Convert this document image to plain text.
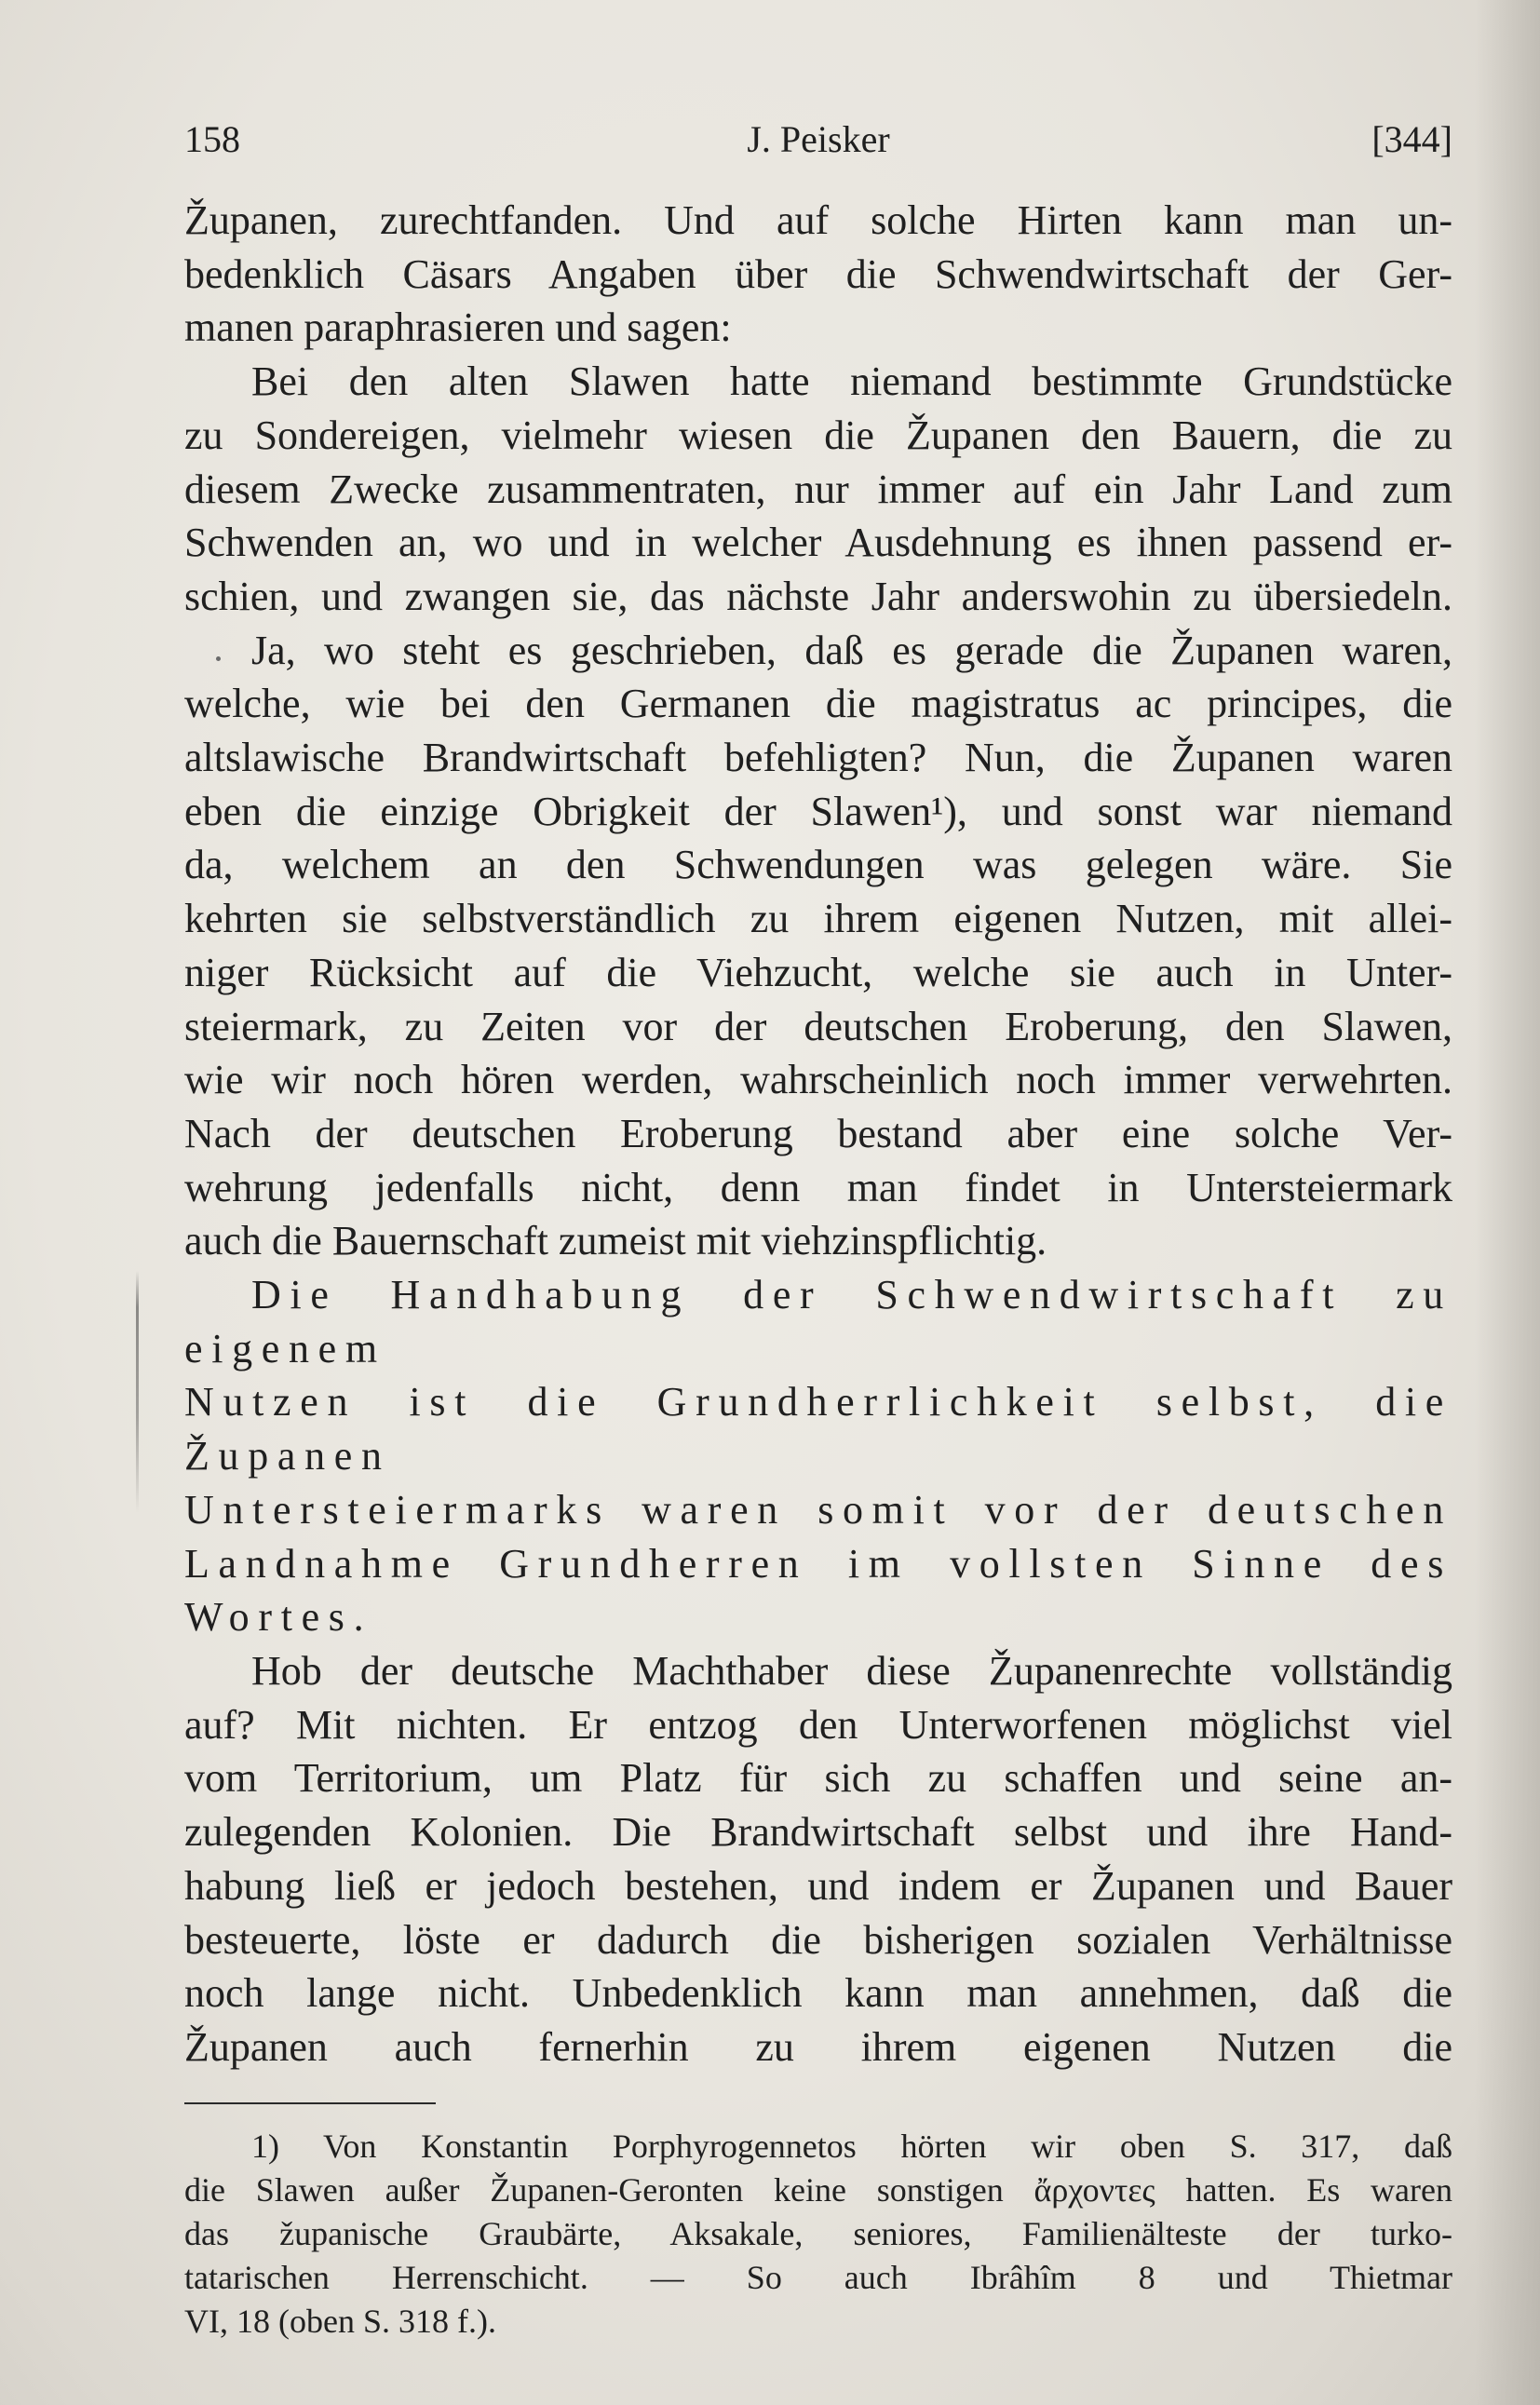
158	J. Peisker	[344]
Županen, zurechtfanden. Und auf solche Hirten kann man un-
bedenklich Cäsars Angaben über die Schwendwirtschaft der Ger-
manen paraphrasieren und sagen:
Bei den alten Slawen hatte niemand bestimmte Grundstücke
zu Sondereigen, vielmehr wiesen die Županen den Bauern, die zu
diesem Zwecke zusammentraten, nur immer auf ein Jahr Land zum
Schwenden an, wo und in welcher Ausdehnung es ihnen passend er-
schien, und zwangen sie, das nächste Jahr anderswohin zu übersiedeln.
Ja, wo steht es geschrieben, daß es gerade die Županen waren,
welche, wie bei den Germanen die magistratus ac principes, die
altslawische Brandwirtschaft befehligten? Nun, die Županen waren
eben die einzige Obrigkeit der Slawen¹), und sonst war niemand
da, welchem an den Schwendungen was gelegen wäre. Sie
kehrten sie selbstverständlich zu ihrem eigenen Nutzen, mit allei-
niger Rücksicht auf die Viehzucht, welche sie auch in Unter-
steiermark, zu Zeiten vor der deutschen Eroberung, den Slawen,
wie wir noch hören werden, wahrscheinlich noch immer verwehrten.
Nach der deutschen Eroberung bestand aber eine solche Ver-
wehrung jedenfalls nicht, denn man findet in Untersteiermark
auch die Bauernschaft zumeist mit viehzinspflichtig.
Die Handhabung der Schwendwirtschaft zu eigenem
Nutzen ist die Grundherrlichkeit selbst, die Županen
Untersteiermarks waren somit vor der deutschen
Landnahme Grundherren im vollsten Sinne des Wortes.
Hob der deutsche Machthaber diese Županenrechte vollständig
auf? Mit nichten. Er entzog den Unterworfenen möglichst viel
vom Territorium, um Platz für sich zu schaffen und seine an-
zulegenden Kolonien. Die Brandwirtschaft selbst und ihre Hand-
habung ließ er jedoch bestehen, und indem er Županen und Bauer
besteuerte, löste er dadurch die bisherigen sozialen Verhältnisse
noch lange nicht. Unbedenklich kann man annehmen, daß die
Županen auch fernerhin zu ihrem eigenen Nutzen die
1) Von Konstantin Porphyrogennetos hörten wir oben S. 317, daß
die Slawen außer Županen-Geronten keine sonstigen ἄρχοντες hatten. Es waren
das županische Graubärte, Aksakale, seniores, Familienälteste der turko-
tatarischen Herrenschicht. — So auch Ibrâhîm 8 und Thietmar
VI, 18 (oben S. 318 f.).
